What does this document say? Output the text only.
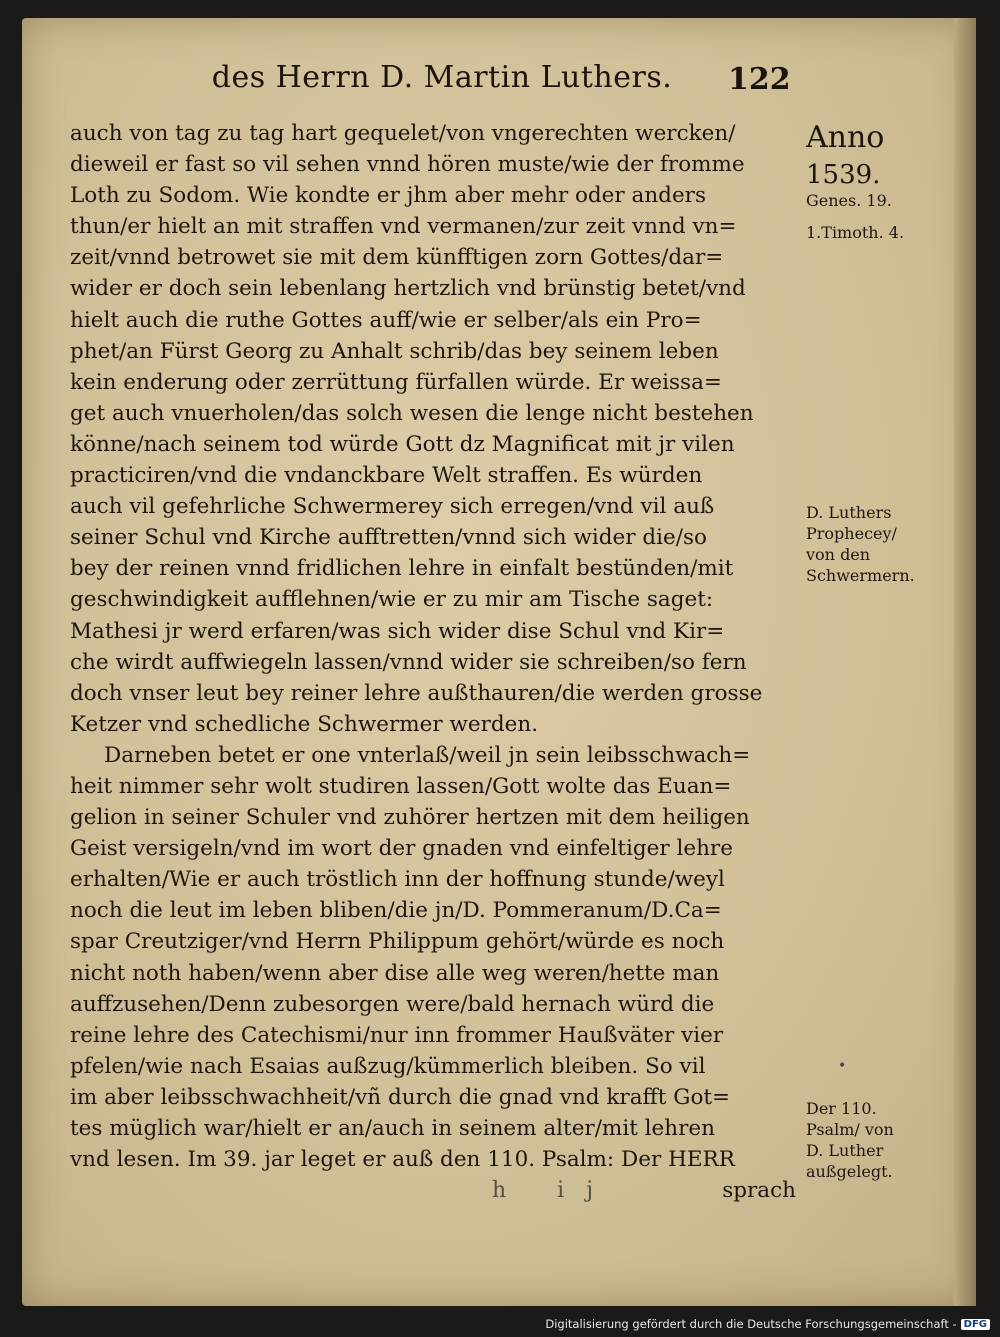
des Herrn D. Martin Luthers.	122
auch von tag zu tag hart gequelet/von vngerechten wercken/
dieweil er fast so vil sehen vnnd hören muste/wie der fromme
Loth zu Sodom. Wie kondte er jhm aber mehr oder anders
thun/er hielt an mit straffen vnd vermanen/zur zeit vnnd vn=
zeit/vnnd betrowet sie mit dem künfftigen zorn Gottes/dar=
wider er doch sein lebenlang hertzlich vnd brünstig betet/vnd
hielt auch die ruthe Gottes auff/wie er selber/als ein Pro=
phet/an Fürst Georg zu Anhalt schrib/das bey seinem leben
kein enderung oder zerrüttung fürfallen würde. Er weissa=
get auch vnuerholen/das solch wesen die lenge nicht bestehen
könne/nach seinem tod würde Gott dz Magnificat mit jr vilen
practiciren/vnd die vndanckbare Welt straffen. Es würden
auch vil gefehrliche Schwermerey sich erregen/vnd vil auß
seiner Schul vnd Kirche aufftretten/vnnd sich wider die/so
bey der reinen vnnd fridlichen lehre in einfalt bestünden/mit
geschwindigkeit aufflehnen/wie er zu mir am Tische saget:
Mathesi jr werd erfaren/was sich wider dise Schul vnd Kir=
che wirdt auffwiegeln lassen/vnnd wider sie schreiben/so fern
doch vnser leut bey reiner lehre außthauren/die werden grosse
Ketzer vnd schedliche Schwermer werden.
Darneben betet er one vnterlaß/weil jn sein leibsschwach=
heit nimmer sehr wolt studiren lassen/Gott wolte das Euan=
gelion in seiner Schuler vnd zuhörer hertzen mit dem heiligen
Geist versigeln/vnd im wort der gnaden vnd einfeltiger lehre
erhalten/Wie er auch tröstlich inn der hoffnung stunde/weyl
noch die leut im leben bliben/die jn/D. Pommeranum/D.Ca=
spar Creutziger/vnd Herrn Philippum gehört/würde es noch
nicht noth haben/wenn aber dise alle weg weren/hette man
auffzusehen/Denn zubesorgen were/bald hernach würd die
reine lehre des Catechismi/nur inn frommer Haußväter vier
pfelen/wie nach Esaias außzug/kümmerlich bleiben. So vil
im aber leibsschwachheit/vñ durch die gnad vnd krafft Got=
tes müglich war/hielt er an/auch in seinem alter/mit lehren
vnd lesen. Im 39. jar leget er auß den 110. Psalm: Der HERR
sprach
h ij
Anno
1539.
Genes. 19.
1.Timoth. 4.
D. Luthers
Prophecey/
von den
Schwermern.
•
Der 110.
Psalm/ von
D. Luther
außgelegt.
Digitalisierung gefördert durch die Deutsche Forschungsgemeinschaft - DFG
